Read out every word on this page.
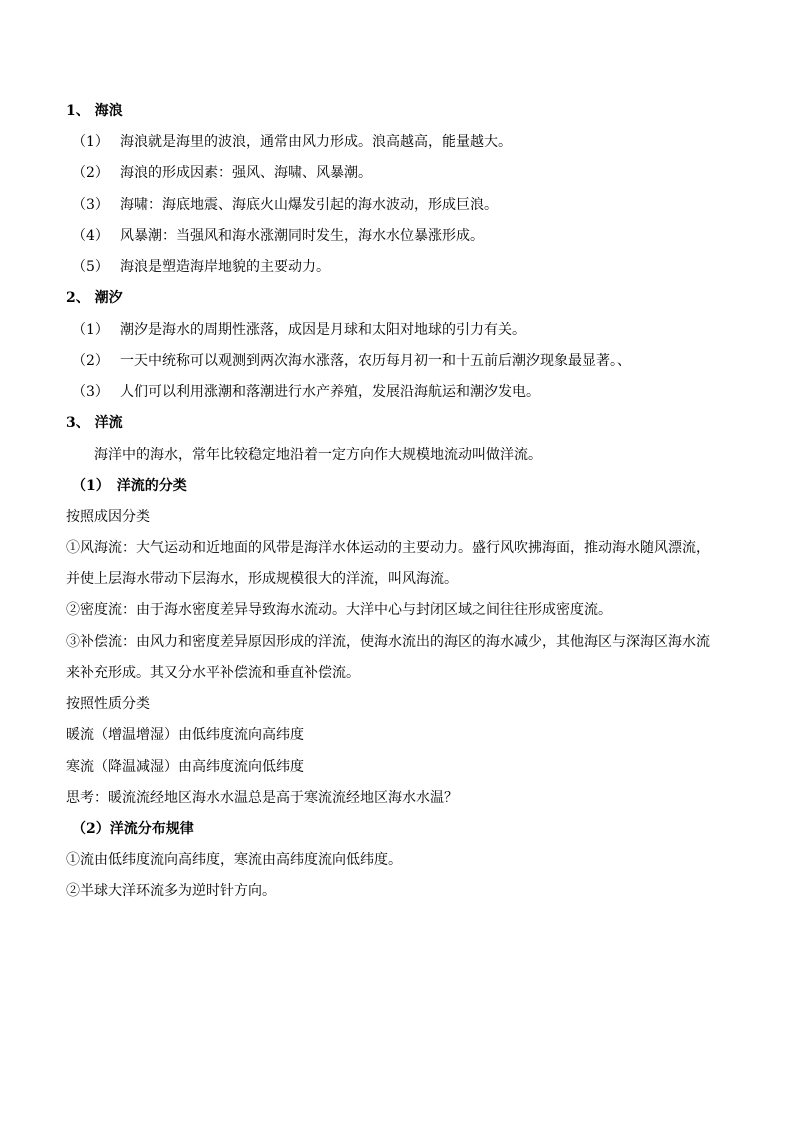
1、 海浪
（1） 海浪就是海里的波浪，通常由风力形成。浪高越高，能量越大。
（2） 海浪的形成因素：强风、海啸、风暴潮。
（3） 海啸：海底地震、海底火山爆发引起的海水波动，形成巨浪。
（4） 风暴潮：当强风和海水涨潮同时发生，海水水位暴涨形成。
（5） 海浪是塑造海岸地貌的主要动力。
2、 潮汐
（1） 潮汐是海水的周期性涨落，成因是月球和太阳对地球的引力有关。
（2） 一天中统称可以观测到两次海水涨落，农历每月初一和十五前后潮汐现象最显著。、
（3） 人们可以利用涨潮和落潮进行水产养殖，发展沿海航运和潮汐发电。
3、 洋流
海洋中的海水，常年比较稳定地沿着一定方向作大规模地流动叫做洋流。
（1）　洋流的分类
按照成因分类
①风海流：大气运动和近地面的风带是海洋水体运动的主要动力。盛行风吹拂海面，推动海水随风漂流，
并使上层海水带动下层海水，形成规模很大的洋流，叫风海流。
②密度流：由于海水密度差异导致海水流动。大洋中心与封闭区域之间往往形成密度流。
③补偿流：由风力和密度差异原因形成的洋流，使海水流出的海区的海水减少，其他海区与深海区海水流
来补充形成。其又分水平补偿流和垂直补偿流。
按照性质分类
暖流（增温增湿）由低纬度流向高纬度
寒流（降温减湿）由高纬度流向低纬度
思考：暖流流经地区海水水温总是高于寒流流经地区海水水温？
（2）洋流分布规律
①流由低纬度流向高纬度，寒流由高纬度流向低纬度。
②半球大洋环流多为逆时针方向。
